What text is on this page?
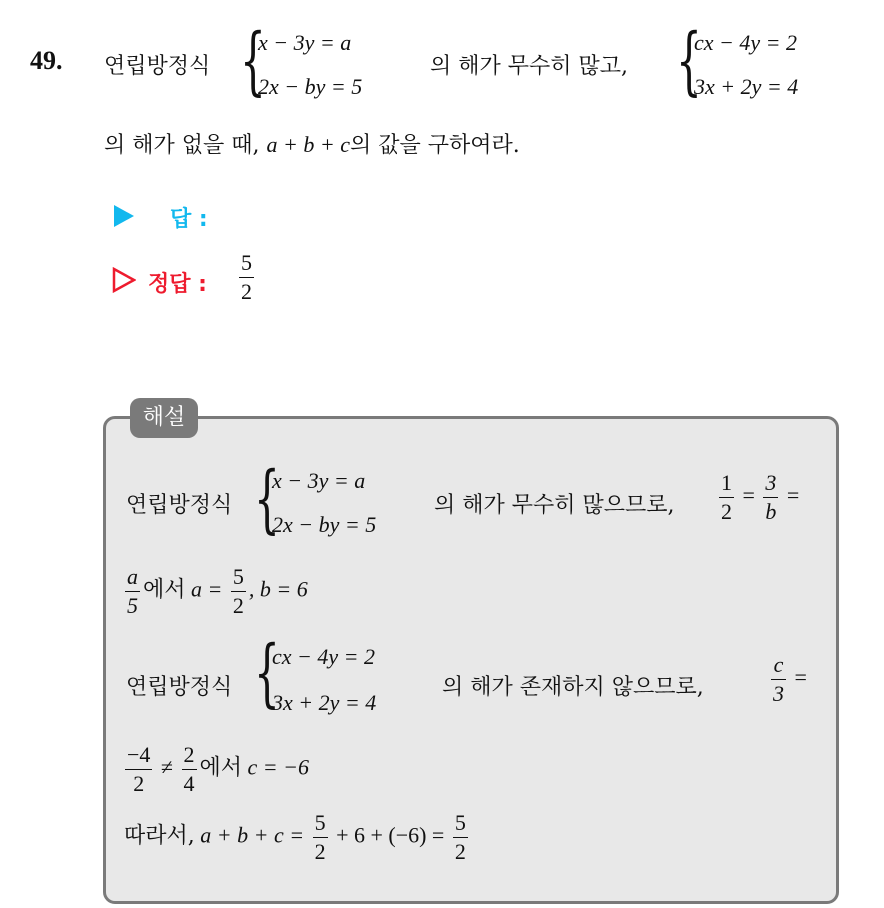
49. 연립방정식 {
x − 3y = a
2x − by = 5
의 해가 무수히 많고, {
cx − 4y = 2
3x + 2y = 4
의 해가 없을 때, a + b + c의 값을 구하여라.
답 :
정답 : $\frac{5}{2}$
해설
연립방정식 {
x − 3y = a
2x − by = 5
의 해가 무수히 많으므로, $\frac{1}{2} = \frac{3}{b}$ =
$\frac{a}{5}$ 에서 $a = \frac{5}{2}$ , b = 6
연립방정식 {
cx − 4y = 2
3x + 2y = 4
의 해가 존재하지 않으므로,	$\frac{c}{3}$ =
$\frac{-4}{2} \ne \frac{2}{4}$ 에서 c = −6
따라서, $a + b + c = \frac{5}{2} + 6 + (-6) = \frac{5}{2}$
